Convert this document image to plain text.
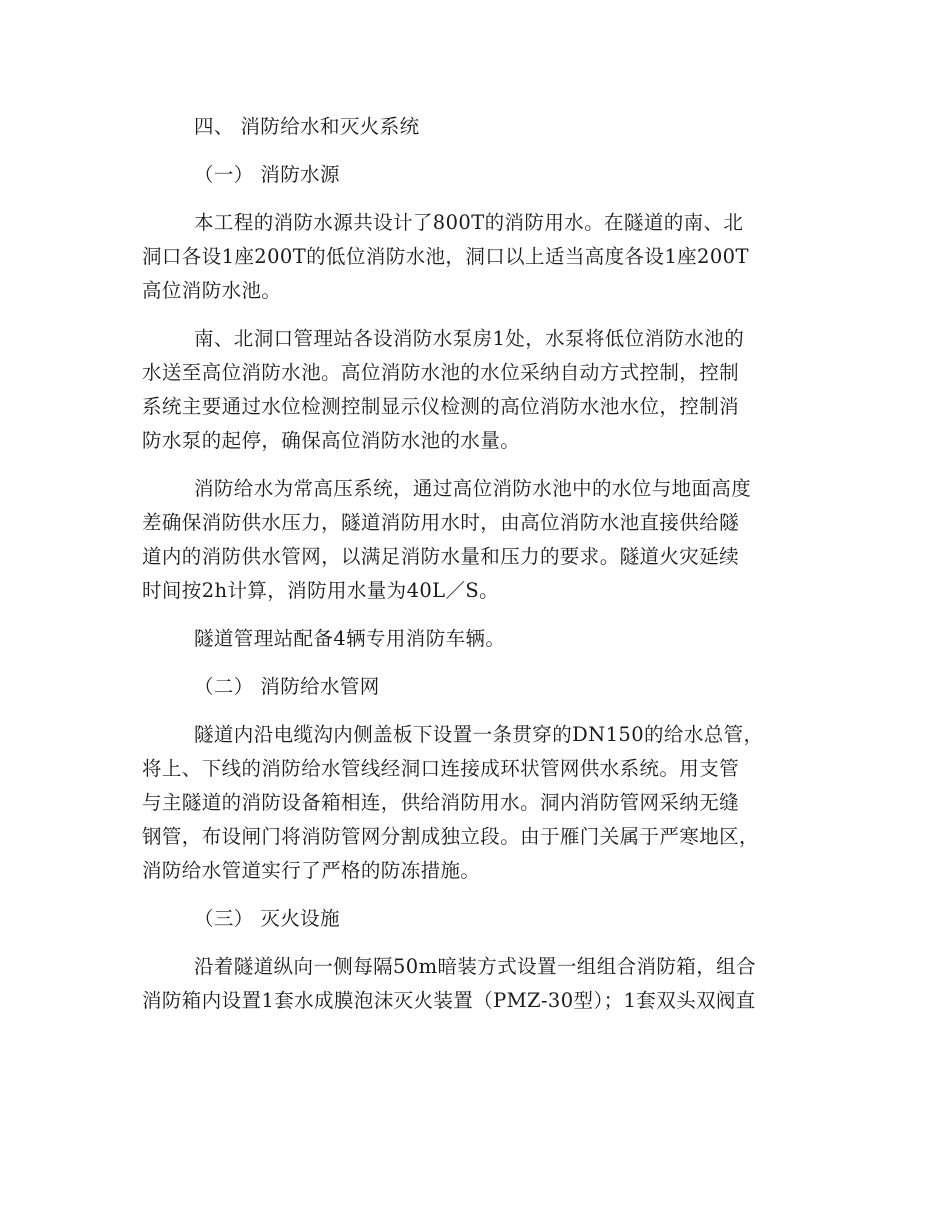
四、 消防给水和灭火系统
（一） 消防水源
本工程的消防水源共设计了800T的消防用水。在隧道的南、北
洞口各设1座200T的低位消防水池，洞口以上适当高度各设1座200T
高位消防水池。
南、北洞口管理站各设消防水泵房1处，水泵将低位消防水池的
水送至高位消防水池。高位消防水池的水位采纳自动方式控制，控制
系统主要通过水位检测控制显示仪检测的高位消防水池水位，控制消
防水泵的起停，确保高位消防水池的水量。
消防给水为常高压系统，通过高位消防水池中的水位与地面高度
差确保消防供水压力，隧道消防用水时，由高位消防水池直接供给隧
道内的消防供水管网，以满足消防水量和压力的要求。隧道火灾延续
时间按2h计算，消防用水量为40L／S。
隧道管理站配备4辆专用消防车辆。
（二） 消防给水管网
隧道内沿电缆沟内侧盖板下设置一条贯穿的DN150的给水总管，
将上、下线的消防给水管线经洞口连接成环状管网供水系统。用支管
与主隧道的消防设备箱相连，供给消防用水。洞内消防管网采纳无缝
钢管，布设闸门将消防管网分割成独立段。由于雁门关属于严寒地区，
消防给水管道实行了严格的防冻措施。
（三） 灭火设施
沿着隧道纵向一侧每隔50m暗装方式设置一组组合消防箱，组合
消防箱内设置1套水成膜泡沫灭火装置（PMZ-30型）；1套双头双阀直
